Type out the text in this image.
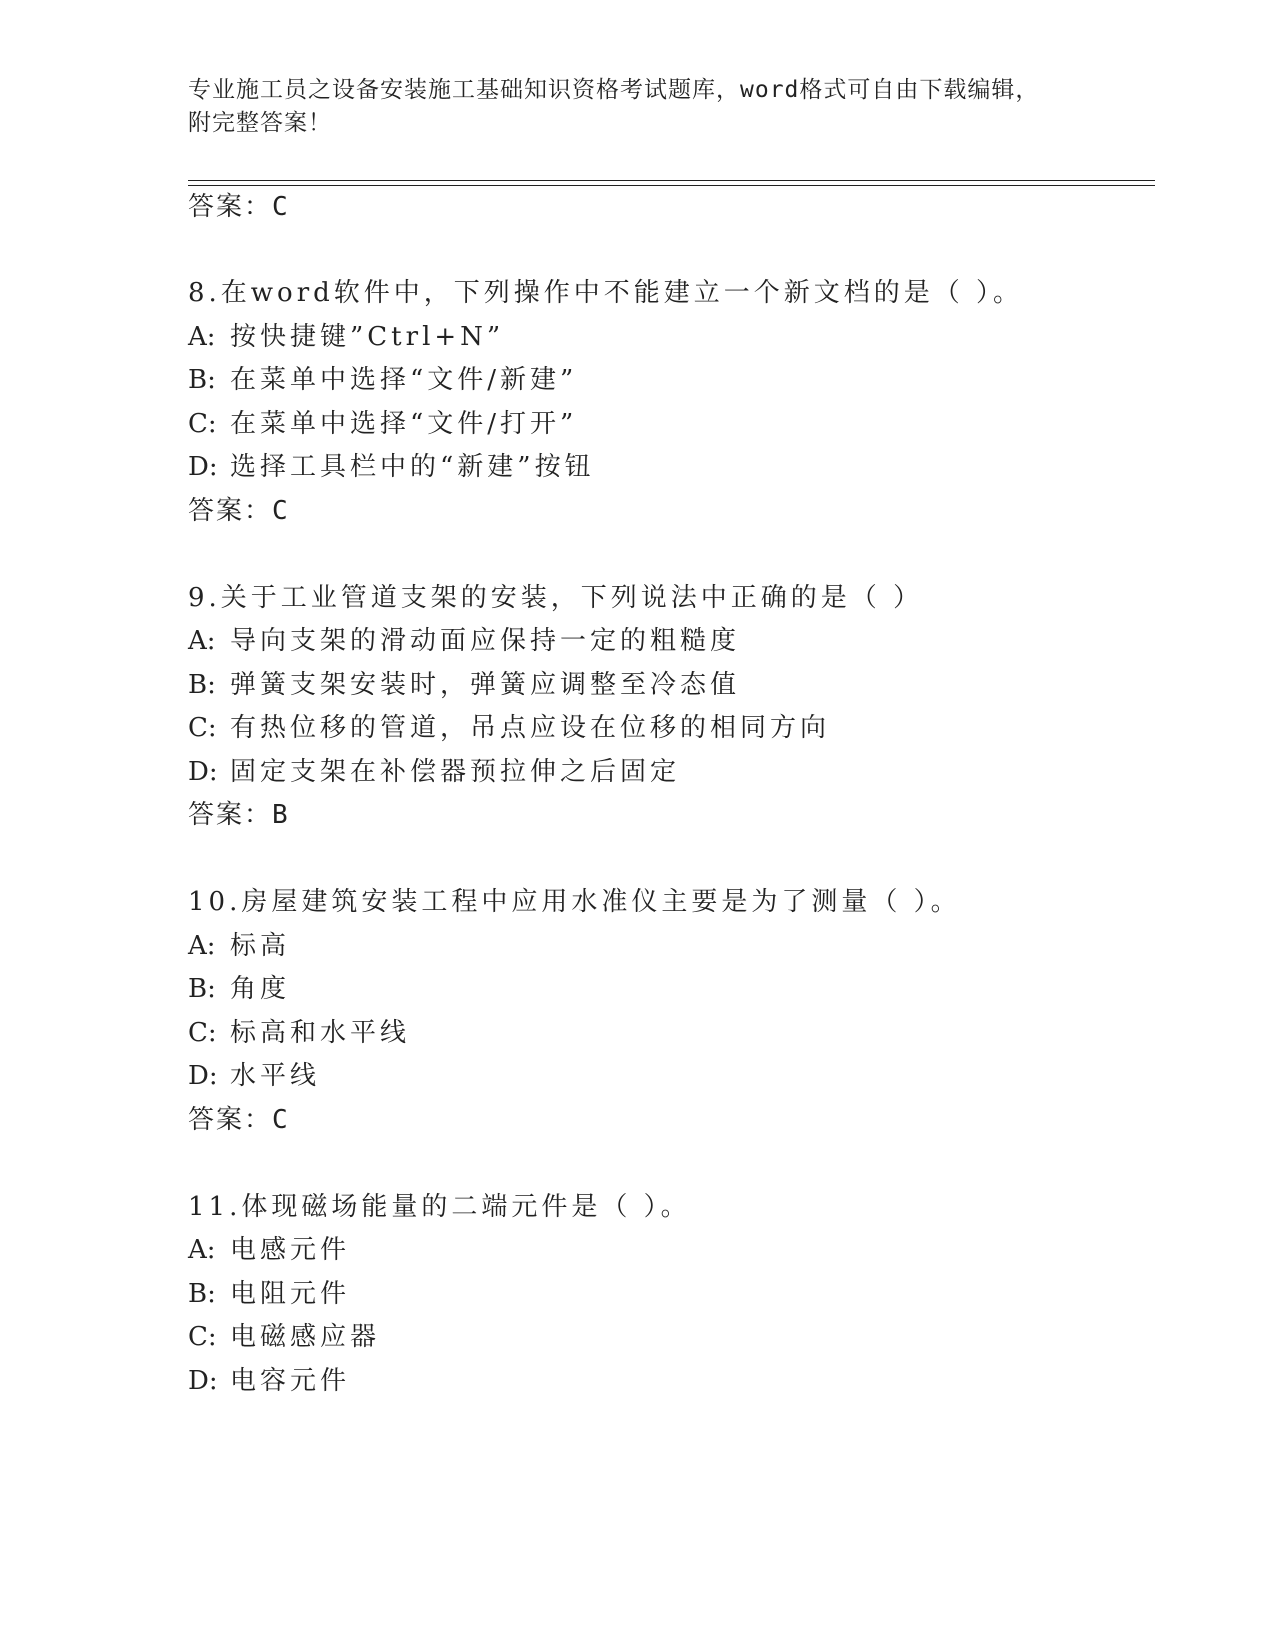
专业施工员之设备安装施工基础知识资格考试题库，word格式可自由下载编辑，
附完整答案！
答案：C
8.在word软件中，下列操作中不能建立一个新文档的是（ ）。
A: 按快捷键”Ctrl+N”
B: 在菜单中选择“文件/新建”
C: 在菜单中选择“文件/打开”
D: 选择工具栏中的“新建”按钮
答案：C
9.关于工业管道支架的安装，下列说法中正确的是（ ）
A: 导向支架的滑动面应保持一定的粗糙度
B: 弹簧支架安装时，弹簧应调整至冷态值
C: 有热位移的管道，吊点应设在位移的相同方向
D: 固定支架在补偿器预拉伸之后固定
答案：B
10.房屋建筑安装工程中应用水准仪主要是为了测量（ ）。
A: 标高
B: 角度
C: 标高和水平线
D: 水平线
答案：C
11.体现磁场能量的二端元件是（ ）。
A: 电感元件
B: 电阻元件
C: 电磁感应器
D: 电容元件
